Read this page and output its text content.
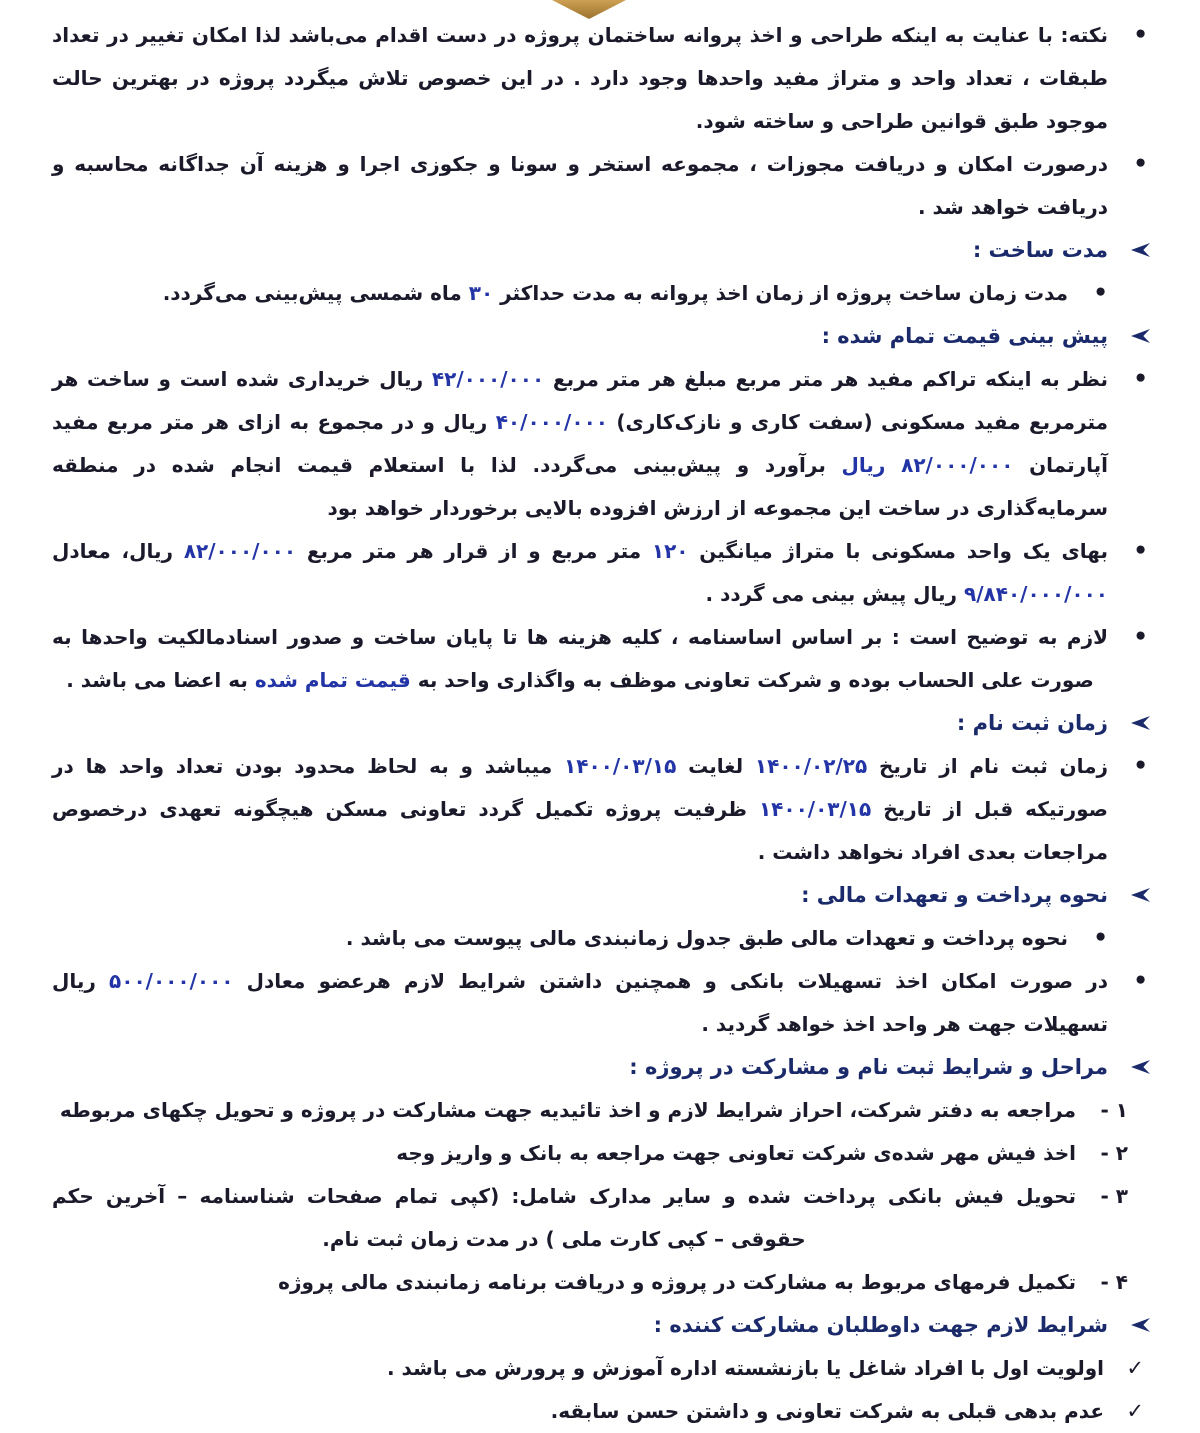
•
نکته: با عنایت به اینکه طراحی و اخذ پروانه ساختمان پروژه در دست اقدام می‌باشد لذا امکان تغییر در تعداد طبقات ، تعداد واحد و متراژ مفید واحدها وجود دارد . در این خصوص تلاش میگردد پروژه در بهترین حالت موجود طبق قوانین طراحی و ساخته شود.
•
درصورت امکان و دریافت مجوزات ، مجموعه استخر و سونا و جکوزی اجرا و هزینه آن جداگانه محاسبه و دریافت خواهد شد .
مدت ساخت :
•
مدت زمان ساخت پروژه از زمان اخذ پروانه به مدت حداکثر ۳۰ ماه شمسی پیش‌بینی می‌گردد.
پیش بینی قیمت تمام شده :
•
نظر به اینکه تراکم مفید هر متر مربع مبلغ هر متر مربع ۴۲/۰۰۰/۰۰۰ ریال خریداری شده است و ساخت هر مترمربع مفید مسکونی (سفت کاری و نازک‌کاری) ۴۰/۰۰۰/۰۰۰ ریال و در مجموع به ازای هر متر مربع مفید آپارتمان ۸۲/۰۰۰/۰۰۰ ریال برآورد و پیش‌بینی می‌گردد. لذا با استعلام قیمت انجام شده در منطقه سرمایه‌گذاری در ساخت این مجموعه از ارزش افزوده بالایی برخوردار خواهد بود
•
بهای یک واحد مسکونی با متراژ میانگین ۱۲۰ متر مربع و از قرار هر متر مربع ۸۲/۰۰۰/۰۰۰ ریال، معادل ۹/۸۴۰/۰۰۰/۰۰۰ ریال پیش بینی می گردد .
•
لازم به توضیح است : بر اساس اساسنامه ، کلیه هزینه ها تا پایان ساخت و صدور اسنادمالکیت واحدها به صورت علی الحساب بوده و شرکت تعاونی موظف به واگذاری واحد به قیمت تمام شده به اعضا می باشد .
زمان ثبت نام :
•
زمان ثبت نام از تاریخ ۱۴۰۰/۰۲/۲۵ لغایت ۱۴۰۰/۰۳/۱۵ میباشد و به لحاظ محدود بودن تعداد واحد ها در صورتیکه قبل از تاریخ ۱۴۰۰/۰۳/۱۵ ظرفیت پروژه تکمیل گردد تعاونی مسکن هیچگونه تعهدی درخصوص مراجعات بعدی افراد نخواهد داشت .
نحوه پرداخت و تعهدات مالی :
•
نحوه پرداخت و تعهدات مالی طبق جدول زمانبندی مالی پیوست می باشد .
•
در صورت امکان اخذ تسهیلات بانکی و همچنین داشتن شرایط لازم هرعضو معادل ۵۰۰/۰۰۰/۰۰۰ ریال تسهیلات جهت هر واحد اخذ خواهد گردید .
مراحل و شرایط ثبت نام و مشارکت در پروژه :
۱ -
مراجعه به دفتر شرکت، احراز شرایط لازم و اخذ تائیدیه جهت مشارکت در پروژه و تحویل چکهای مربوطه
۲ -
اخذ فیش مهر شده‌ی شرکت تعاونی جهت مراجعه به بانک و واریز وجه
۳ -
تحویل فیش بانکی پرداخت شده و سایر مدارک شامل: (کپی تمام صفحات شناسنامه – آخرین حکم حقوقی – کپی کارت ملی ) در مدت زمان ثبت نام.
۴ -
تکمیل فرمهای مربوط به مشارکت در پروژه و دریافت برنامه زمانبندی مالی پروژه
شرایط لازم جهت داوطلبان مشارکت کننده :
✓
اولویت اول با افراد شاغل یا بازنشسته اداره آموزش و پرورش می باشد .
✓
عدم بدهی قبلی به شرکت تعاونی و داشتن حسن سابقه.
